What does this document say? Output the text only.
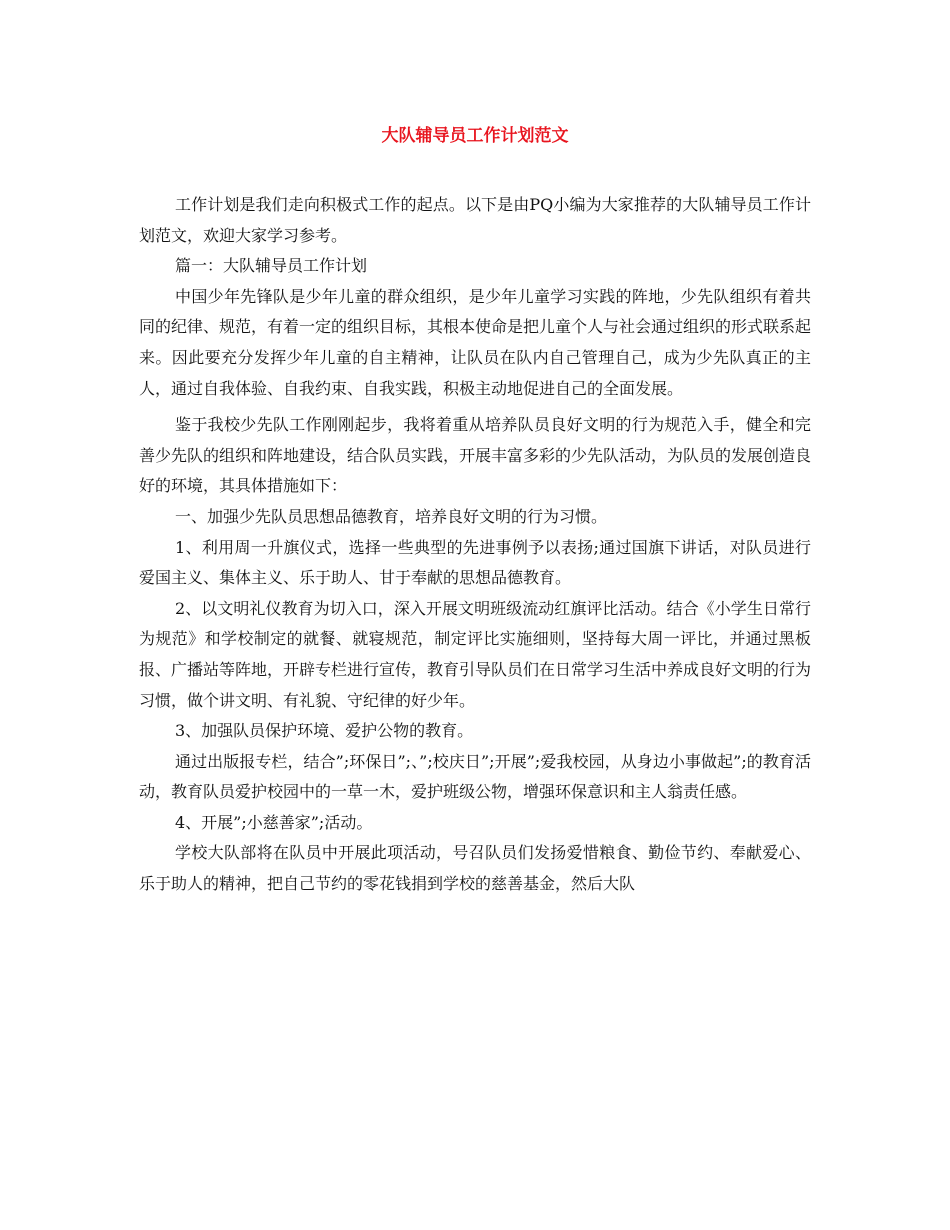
大队辅导员工作计划范文

工作计划是我们走向积极式工作的起点。以下是由PQ小编为大家推荐的大队辅导员工作计划范文，欢迎大家学习参考。

篇一：大队辅导员工作计划

中国少年先锋队是少年儿童的群众组织，是少年儿童学习实践的阵地，少先队组织有着共同的纪律、规范，有着一定的组织目标，其根本使命是把儿童个人与社会通过组织的形式联系起来。因此要充分发挥少年儿童的自主精神，让队员在队内自己管理自己，成为少先队真正的主人，通过自我体验、自我约束、自我实践，积极主动地促进自己的全面发展。

鉴于我校少先队工作刚刚起步，我将着重从培养队员良好文明的行为规范入手，健全和完善少先队的组织和阵地建设，结合队员实践，开展丰富多彩的少先队活动，为队员的发展创造良好的环境，其具体措施如下：

一、加强少先队员思想品德教育，培养良好文明的行为习惯。

1、利用周一升旗仪式，选择一些典型的先进事例予以表扬;通过国旗下讲话，对队员进行爱国主义、集体主义、乐于助人、甘于奉献的思想品德教育。

2、以文明礼仪教育为切入口，深入开展文明班级流动红旗评比活动。结合《小学生日常行为规范》和学校制定的就餐、就寝规范，制定评比实施细则，坚持每大周一评比，并通过黑板报、广播站等阵地，开辟专栏进行宣传，教育引导队员们在日常学习生活中养成良好文明的行为习惯，做个讲文明、有礼貌、守纪律的好少年。

3、加强队员保护环境、爱护公物的教育。

通过出版报专栏，结合”;环保日”;、”;校庆日”;开展”;爱我校园，从身边小事做起”;的教育活动，教育队员爱护校园中的一草一木，爱护班级公物，增强环保意识和主人翁责任感。

4、开展”;小慈善家”;活动。

学校大队部将在队员中开展此项活动，号召队员们发扬爱惜粮食、勤俭节约、奉献爱心、乐于助人的精神，把自己节约的零花钱捐到学校的慈善基金，然后大队
